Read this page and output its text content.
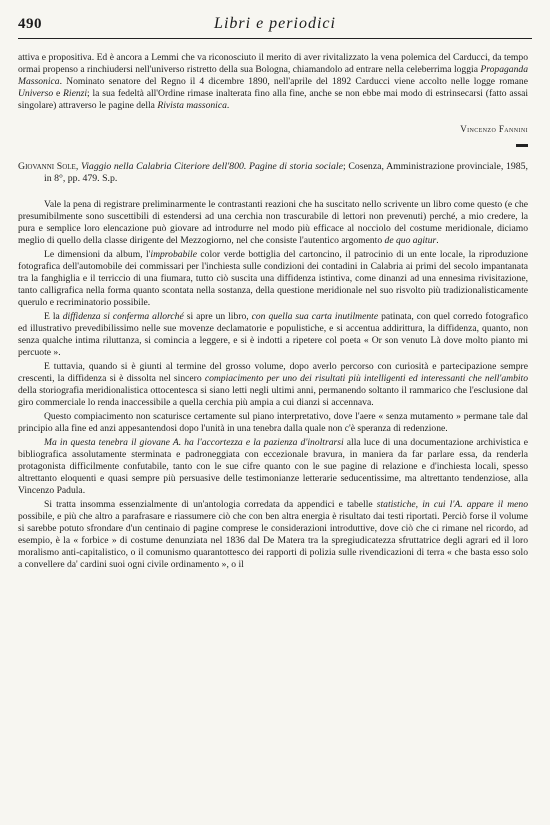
490	Libri e periodici

attiva e propositiva. Ed è ancora a Lemmi che va riconosciuto il merito di aver rivitalizzato la vena polemica del Carducci, da tempo ormai propenso a rinchiudersi nell'universo ristretto della sua Bologna, chiamandolo ad entrare nella celeberrima loggia Propaganda Massonica. Nominato senatore del Regno il 4 dicembre 1890, nell'aprile del 1892 Carducci viene accolto nelle logge romane Universo e Rienzi; la sua fedeltà all'Ordine rimase inalterata fino alla fine, anche se non ebbe mai modo di estrinsecarsi (fatto assai singolare) attraverso le pagine della Rivista massonica.

Vincenzo Fannini

Giovanni Sole, Viaggio nella Calabria Citeriore dell'800. Pagine di storia sociale; Cosenza, Amministrazione provinciale, 1985, in 8°, pp. 479. S.p.

Vale la pena di registrare preliminarmente le contrastanti reazioni che ha suscitato nello scrivente un libro come questo (e che presumibilmente sono suscettibili di estendersi ad una cerchia non trascurabile di lettori non prevenuti) perché, a mio credere, la pura e semplice loro elencazione può giovare ad introdurre nel modo più efficace al nocciolo del costume meridionale, diciamo meglio di quello della classe dirigente del Mezzogiorno, nel che consiste l'autentico argomento de quo agitur.

Le dimensioni da album, l'improbabile color verde bottiglia del cartoncino, il patrocinio di un ente locale, la riproduzione fotografica dell'automobile dei commissari per l'inchiesta sulle condizioni dei contadini in Calabria ai primi del secolo impantanata tra la fanghiglia e il terriccio di una fiumara, tutto ciò suscita una diffidenza istintiva, come dinanzi ad una ennesima rivisitazione, tanto calligrafica nella forma quanto scontata nella sostanza, della questione meridionale nel suo risvolto più tradizionalisticamente querulo e recriminatorio possibile.

E la diffidenza si conferma allorché si apre un libro, con quella sua carta inutilmente patinata, con quel corredo fotografico ed illustrativo prevedibilissimo nelle sue movenze declamatorie e populistiche, e si accentua addirittura, la diffidenza, quanto, non senza qualche intima riluttanza, si comincia a leggere, e si è indotti a ripetere col poeta « Or son venuto Là dove molto pianto mi percuote ».

E tuttavia, quando si è giunti al termine del grosso volume, dopo averlo percorso con curiosità e partecipazione sempre crescenti, la diffidenza si è dissolta nel sincero compiacimento per uno dei risultati più intelligenti ed interessanti che nell'ambito della storiografia meridionalistica ottocentesca si siano letti negli ultimi anni, permanendo soltanto il rammarico che l'esclusione dal giro commerciale lo renda inaccessibile a quella cerchia più ampia a cui dianzi si accennava.

Questo compiacimento non scaturisce certamente sul piano interpretativo, dove l'aere « senza mutamento » permane tale dal principio alla fine ed anzi appesantendosi dopo l'unità in una tenebra dalla quale non c'è speranza di redenzione.

Ma in questa tenebra il giovane A. ha l'accortezza e la pazienza d'inoltrarsi alla luce di una documentazione archivistica e bibliografica assolutamente sterminata e padroneggiata con eccezionale bravura, in maniera da far parlare essa, da renderla protagonista difficilmente confutabile, tanto con le sue cifre quanto con le sue pagine di relazione e d'inchiesta locali, spesso altrettanto eloquenti e quasi sempre più persuasive delle testimonianze letterarie seducentissime, ma altrettanto tendenziose, alla Vincenzo Padula.

Si tratta insomma essenzialmente di un'antologia corredata da appendici e tabelle statistiche, in cui l'A. appare il meno possibile, e più che altro a parafrasare e riassumere ciò che con ben altra energia è risultato dai testi riportati. Perciò forse il volume si sarebbe potuto sfrondare d'un centinaio di pagine comprese le considerazioni introduttive, dove ciò che ci rimane nel ricordo, ad esempio, è la « forbice » di costume denunziata nel 1836 dal De Matera tra la spregiudicatezza sfruttatrice degli agrari ed il loro moralismo anti-capitalistico, o il comunismo quarantottesco dei rapporti di polizia sulle rivendicazioni di terra « che basta esso solo a convellere da' cardini suoi ogni civile ordinamento », o il
